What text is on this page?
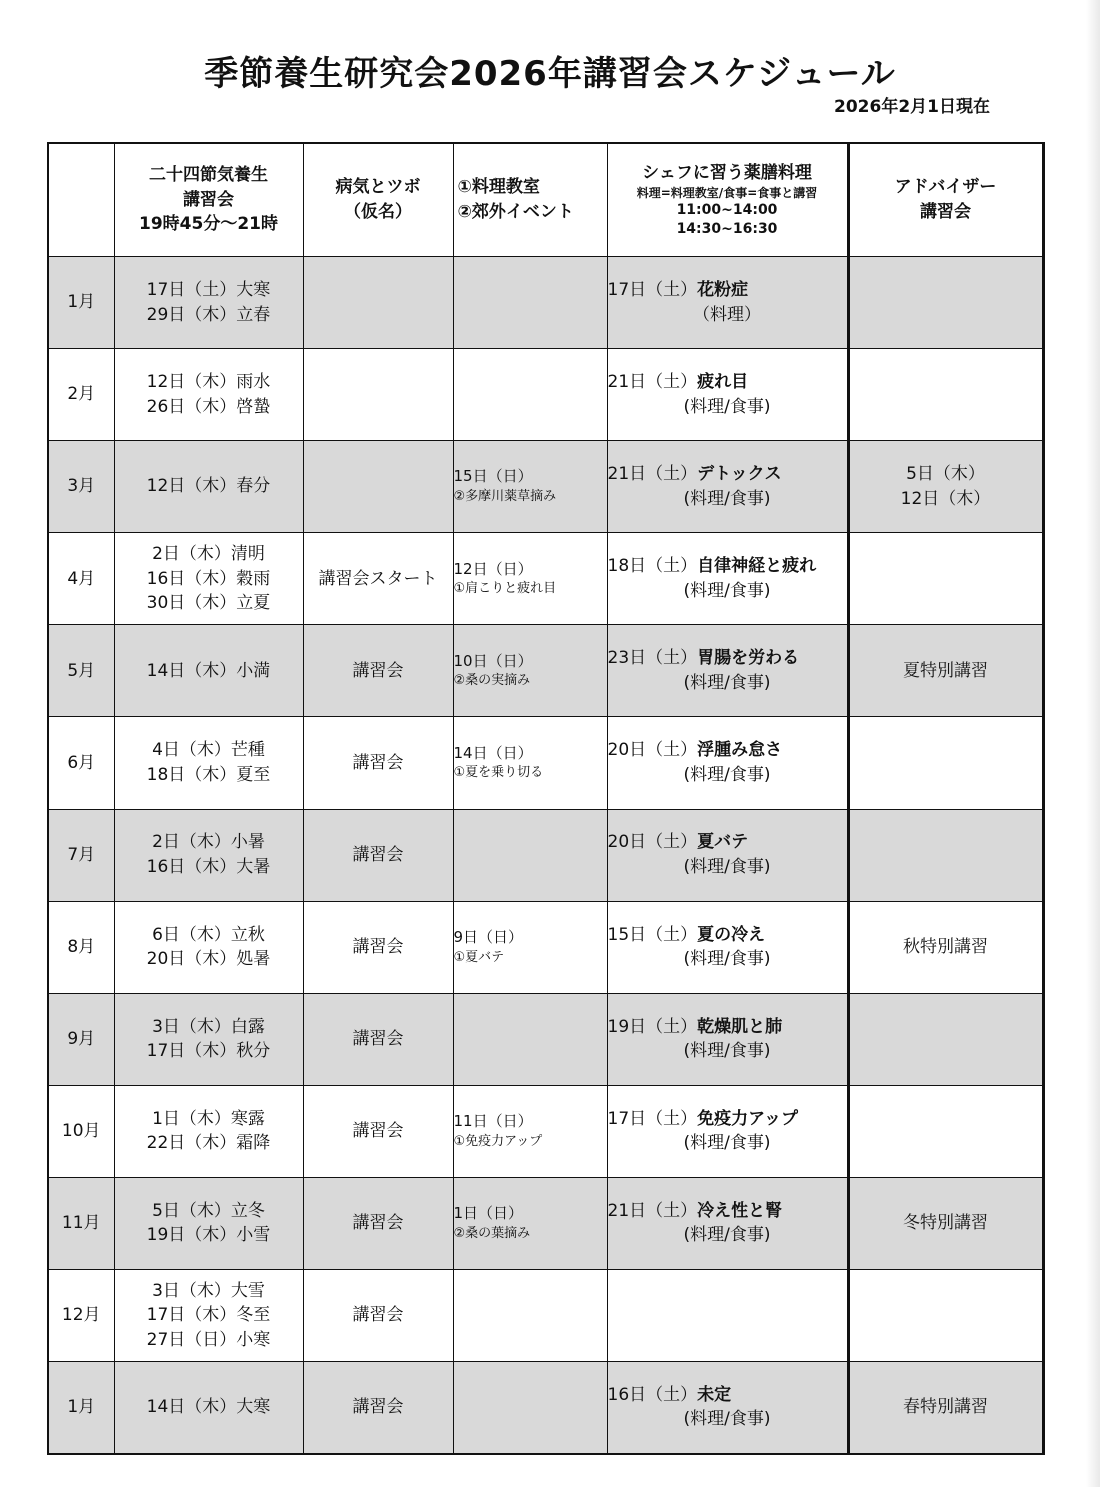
季節養生研究会2026年講習会スケジュール
2026年2月1日現在

	二十四節気養生
講習会
19時45分〜21時	病気とツボ
（仮名）	①料理教室
②郊外イベント	シェフに習う薬膳料理
料理=料理教室/食事=食事と講習
11:00~14:00
14:30~16:30	アドバイザー
講習会

1月	17日（土）大寒
29日（木）立春			17日（土）花粉症
（料理）	

2月	12日（木）雨水
26日（木）啓蟄			21日（土）疲れ目
(料理/食事)	

3月	12日（木）春分		15日（日）
②多摩川薬草摘み	21日（土）デトックス
(料理/食事)	5日（木）
12日（木）

4月	2日（木）清明
16日（木）穀雨
30日（木）立夏	講習会スタート	12日（日）
①肩こりと疲れ目	18日（土）自律神経と疲れ
(料理/食事)	

5月	14日（木）小満	講習会	10日（日）
②桑の実摘み	23日（土）胃腸を労わる
(料理/食事)	夏特別講習

6月	4日（木）芒種
18日（木）夏至	講習会	14日（日）
①夏を乗り切る	20日（土）浮腫み怠さ
(料理/食事)	

7月	2日（木）小暑
16日（木）大暑	講習会		20日（土）夏バテ
(料理/食事)	

8月	6日（木）立秋
20日（木）処暑	講習会	9日（日）
①夏バテ	15日（土）夏の冷え
(料理/食事)	秋特別講習

9月	3日（木）白露
17日（木）秋分	講習会		19日（土）乾燥肌と肺
(料理/食事)	

10月	1日（木）寒露
22日（木）霜降	講習会	11日（日）
①免疫力アップ	17日（土）免疫力アップ
(料理/食事)	

11月	5日（木）立冬
19日（木）小雪	講習会	1日（日）
②桑の葉摘み	21日（土）冷え性と腎
(料理/食事)	冬特別講習

12月	3日（木）大雪
17日（木）冬至
27日（日）小寒	講習会			
1月	14日（木）大寒	講習会		16日（土）未定
(料理/食事)	春特別講習
